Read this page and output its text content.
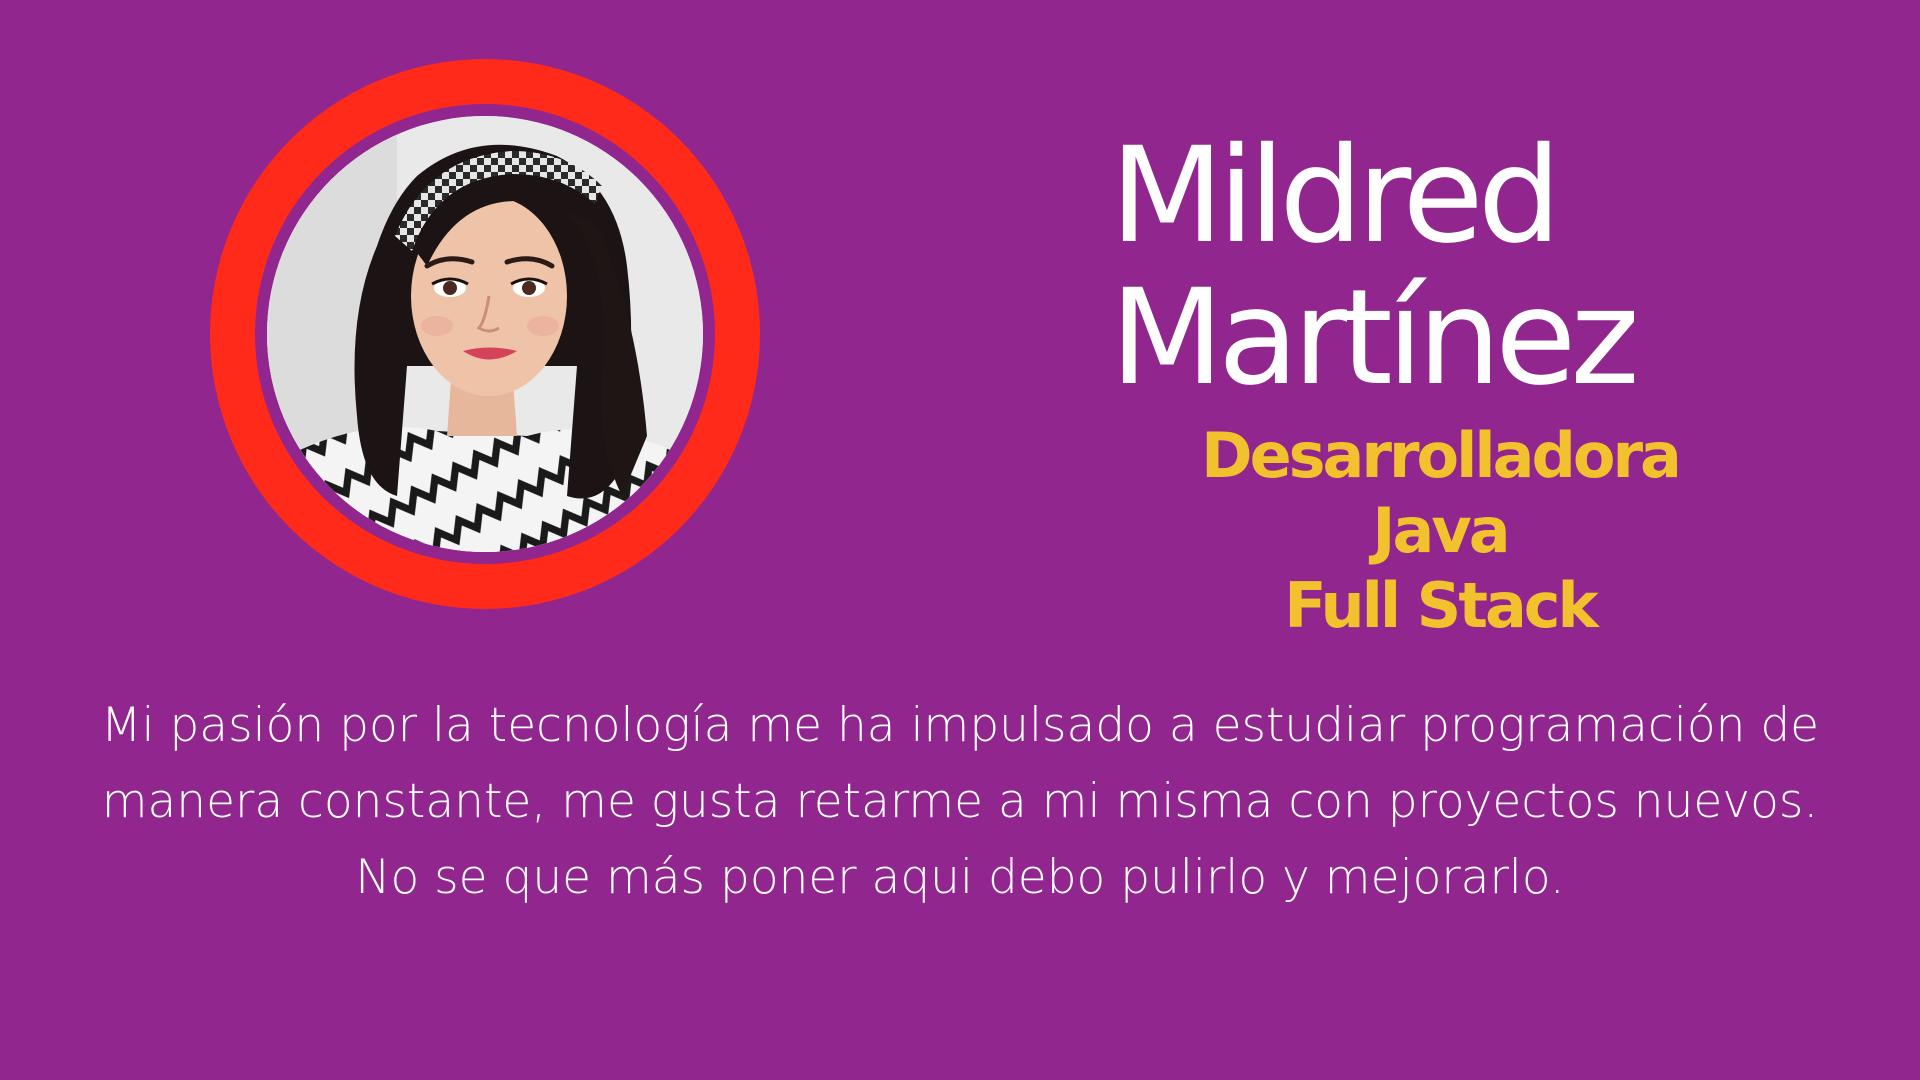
Mildred
Martínez
Desarrolladora Java
Full Stack

Mi pasión por la tecnología me ha impulsado a estudiar programación de
manera constante, me gusta retarme a mi misma con proyectos nuevos.
No se que más poner aqui debo pulirlo y mejorarlo.
